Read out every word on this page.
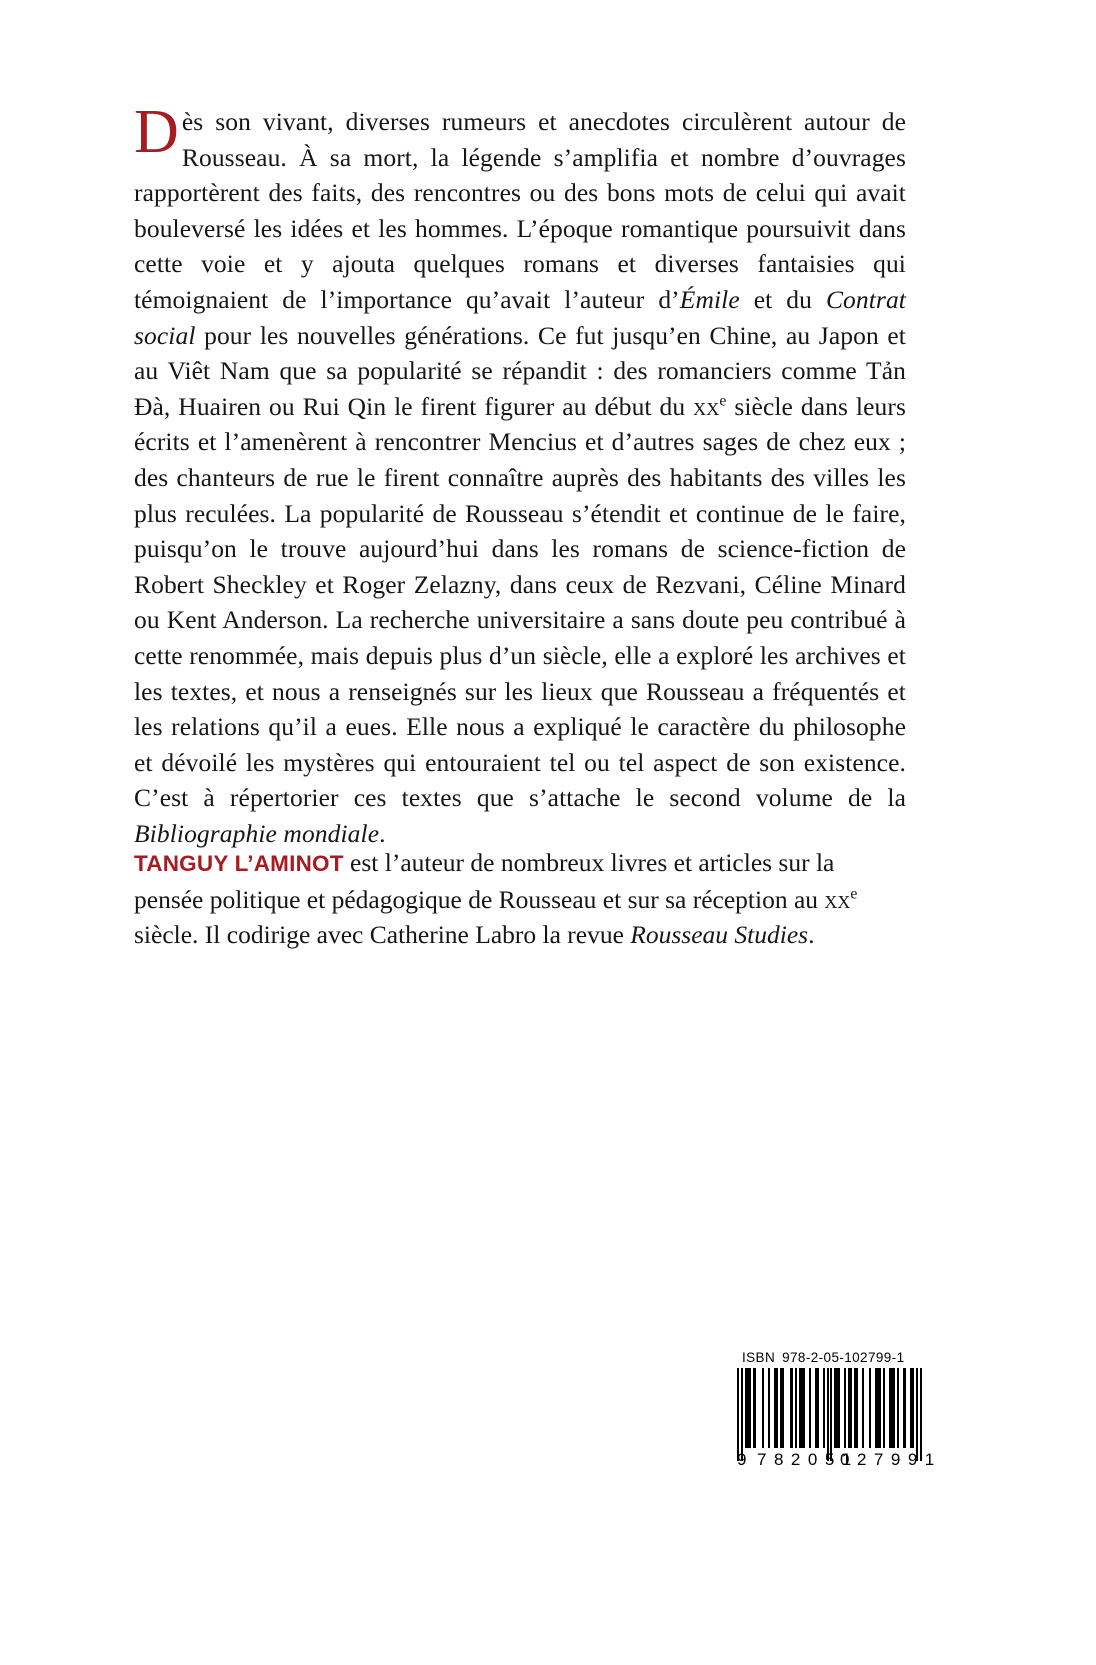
Dès son vivant, diverses rumeurs et anecdotes circulèrent autour de Rousseau. À sa mort, la légende s’amplifia et nombre d’ouvrages rapportèrent des faits, des rencontres ou des bons mots de celui qui avait bouleversé les idées et les hommes. L’époque romantique poursuivit dans cette voie et y ajouta quelques romans et diverses fantaisies qui témoignaient de l’importance qu’avait l’auteur d’Émile et du Contrat social pour les nouvelles générations. Ce fut jusqu’en Chine, au Japon et au Viêt Nam que sa popularité se répandit : des romanciers comme Tản Đà, Huairen ou Rui Qin le firent figurer au début du $xx^e$ siècle dans leurs écrits et l’amenèrent à rencontrer Mencius et d’autres sages de chez eux ; des chanteurs de rue le firent connaître auprès des habitants des villes les plus reculées. La popularité de Rousseau s’étendit et continue de le faire, puisqu’on le trouve aujourd’hui dans les romans de science-fiction de Robert Sheckley et Roger Zelazny, dans ceux de Rezvani, Céline Minard ou Kent Anderson. La recherche universitaire a sans doute peu contribué à cette renommée, mais depuis plus d’un siècle, elle a exploré les archives et les textes, et nous a renseignés sur les lieux que Rousseau a fréquentés et les relations qu’il a eues. Elle nous a expliqué le caractère du philosophe et dévoilé les mystères qui entouraient tel ou tel aspect de son existence. C’est à répertorier ces textes que s’attache le second volume de la Bibliographie mondiale.
TANGUY L’AMINOT est l’auteur de nombreux livres et articles sur la pensée politique et pédagogique de Rousseau et sur sa réception au $xx^e$ siècle. Il codirige avec Catherine Labro la revue Rousseau Studies.
ISBN 978-2-05-102799-1
9 782051
027991
